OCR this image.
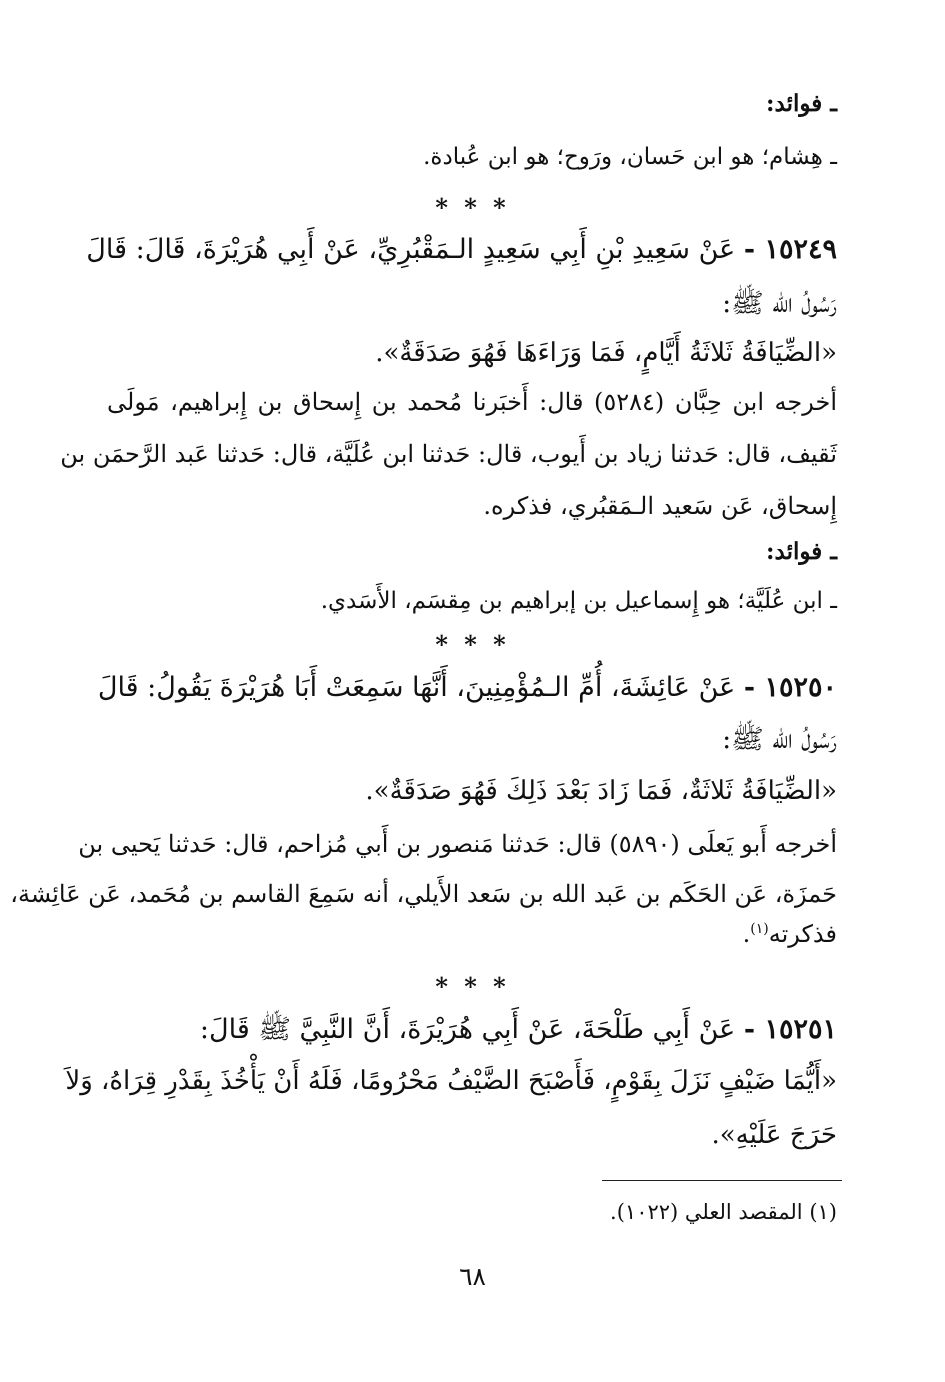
ـ فوائد:
ـ هِشام؛ هو ابن حَسان، ورَوح؛ هو ابن عُبادة.
* * *
١٥٢٤٩ - عَنْ سَعِيدِ بْنِ أَبِي سَعِيدٍ الـمَقْبُرِيِّ، عَنْ أَبِي هُرَيْرَةَ، قَالَ: قَالَ
رَسُولُ الله ﷺ:
«الضِّيَافَةُ ثَلاثَةُ أَيَّامٍ، فَمَا وَرَاءَهَا فَهُوَ صَدَقَةٌ».
أخرجه ابن حِبَّان (٥٢٨٤) قال: أَخبَرنا مُحمد بن إِسحاق بن إِبراهيم، مَولَى
ثَقيف، قال: حَدثنا زياد بن أَيوب، قال: حَدثنا ابن عُلَيَّة، قال: حَدثنا عَبد الرَّحمَن بن
إِسحاق، عَن سَعيد الـمَقبُري، فذكره.
ـ فوائد:
ـ ابن عُلَيَّة؛ هو إِسماعيل بن إبراهيم بن مِقسَم، الأَسَدي.
* * *
١٥٢٥٠ - عَنْ عَائِشَةَ، أُمِّ الـمُؤْمِنِينَ، أَنَّهَا سَمِعَتْ أَبَا هُرَيْرَةَ يَقُولُ: قَالَ
رَسُولُ الله ﷺ:
«الضِّيَافَةُ ثَلاثَةٌ، فَمَا زَادَ بَعْدَ ذَلِكَ فَهُوَ صَدَقَةٌ».
أخرجه أَبو يَعلَى (٥٨٩٠) قال: حَدثنا مَنصور بن أَبي مُزاحم، قال: حَدثنا يَحيى بن
حَمزَة، عَن الحَكَم بن عَبد الله بن سَعد الأَيلي، أنه سَمِعَ القاسم بن مُحَمد، عَن عَائِشة،
فذكرته$^{(١)}$.
* * *
١٥٢٥١ - عَنْ أَبِي طَلْحَةَ، عَنْ أَبِي هُرَيْرَةَ، أَنَّ النَّبِيَّ ﷺ قَالَ:
«أَيُّمَا ضَيْفٍ نَزَلَ بِقَوْمٍ، فَأَصْبَحَ الضَّيْفُ مَحْرُومًا، فَلَهُ أَنْ يَأْخُذَ بِقَدْرِ قِرَاهُ، وَلاَ
حَرَجَ عَلَيْهِ».
(١) المقصد العلي (١٠٢٢).
٦٨
